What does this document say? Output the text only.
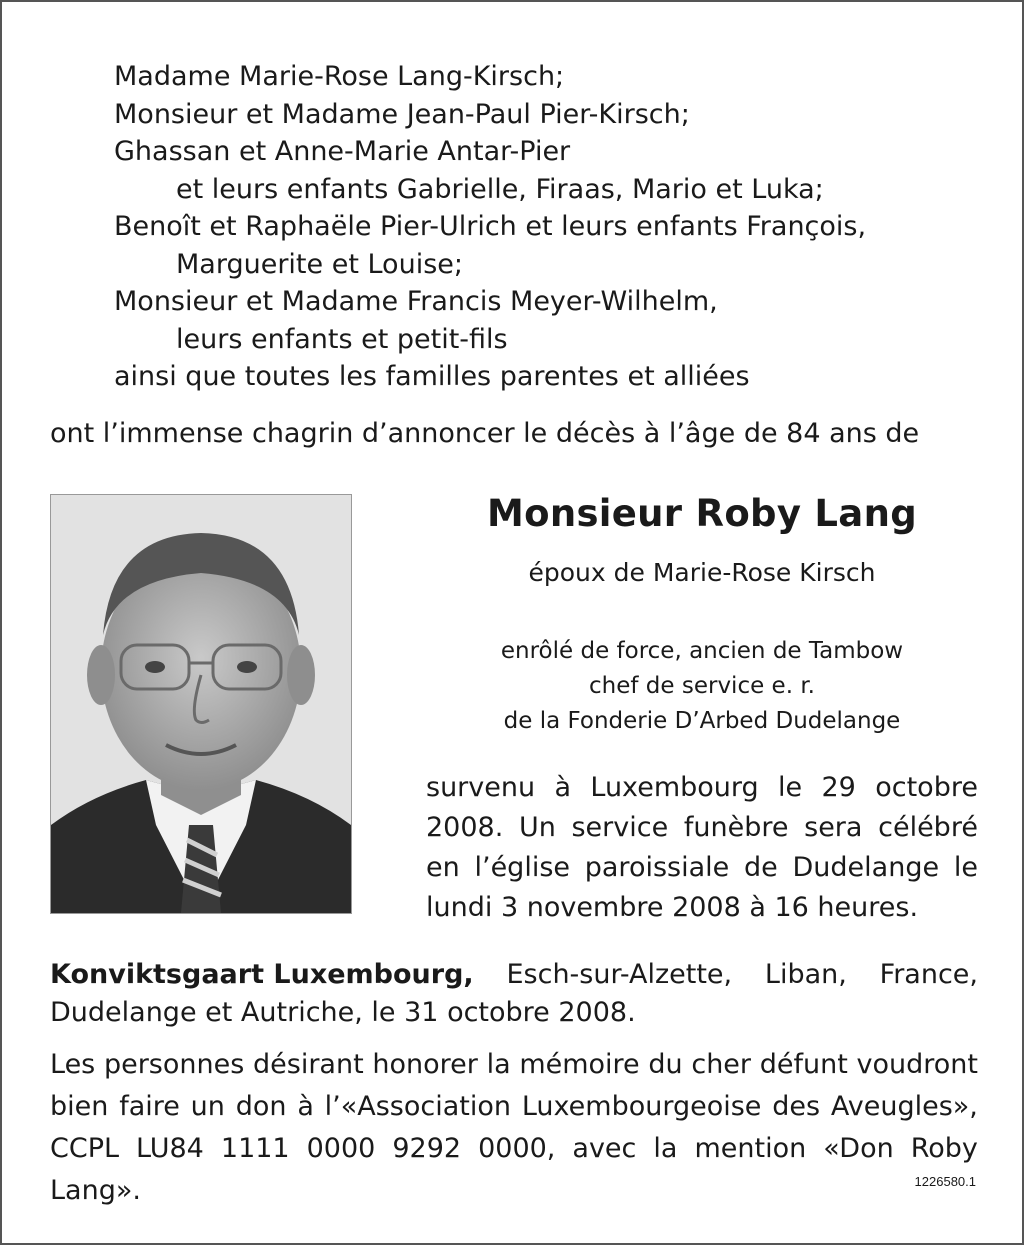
Madame Marie-Rose Lang-Kirsch;
Monsieur et Madame Jean-Paul Pier-Kirsch;
Ghassan et Anne-Marie Antar-Pier
et leurs enfants Gabrielle, Firaas, Mario et Luka;
Benoît et Raphaële Pier-Ulrich et leurs enfants François,
Marguerite et Louise;
Monsieur et Madame Francis Meyer-Wilhelm,
leurs enfants et petit-fils
ainsi que toutes les familles parentes et alliées
ont l’immense chagrin d’annoncer le décès à l’âge de 84 ans de
Monsieur Roby Lang
époux de Marie-Rose Kirsch
enrôlé de force, ancien de Tambow
chef de service e. r.
de la Fonderie D’Arbed Dudelange
survenu à Luxembourg le 29 octobre
2008. Un service funèbre sera célébré
en l’église paroissiale de Dudelange le
lundi 3 novembre 2008 à 16 heures.
Konviktsgaart Luxembourg, Esch-sur-Alzette, Liban, France,
Dudelange et Autriche, le 31 octobre 2008.
Les personnes désirant honorer la mémoire du cher défunt voudront
bien faire un don à l’«Association Luxembourgeoise des Aveugles»,
CCPL LU84 1111 0000 9292 0000, avec la mention «Don Roby
Lang».	1226580.1
